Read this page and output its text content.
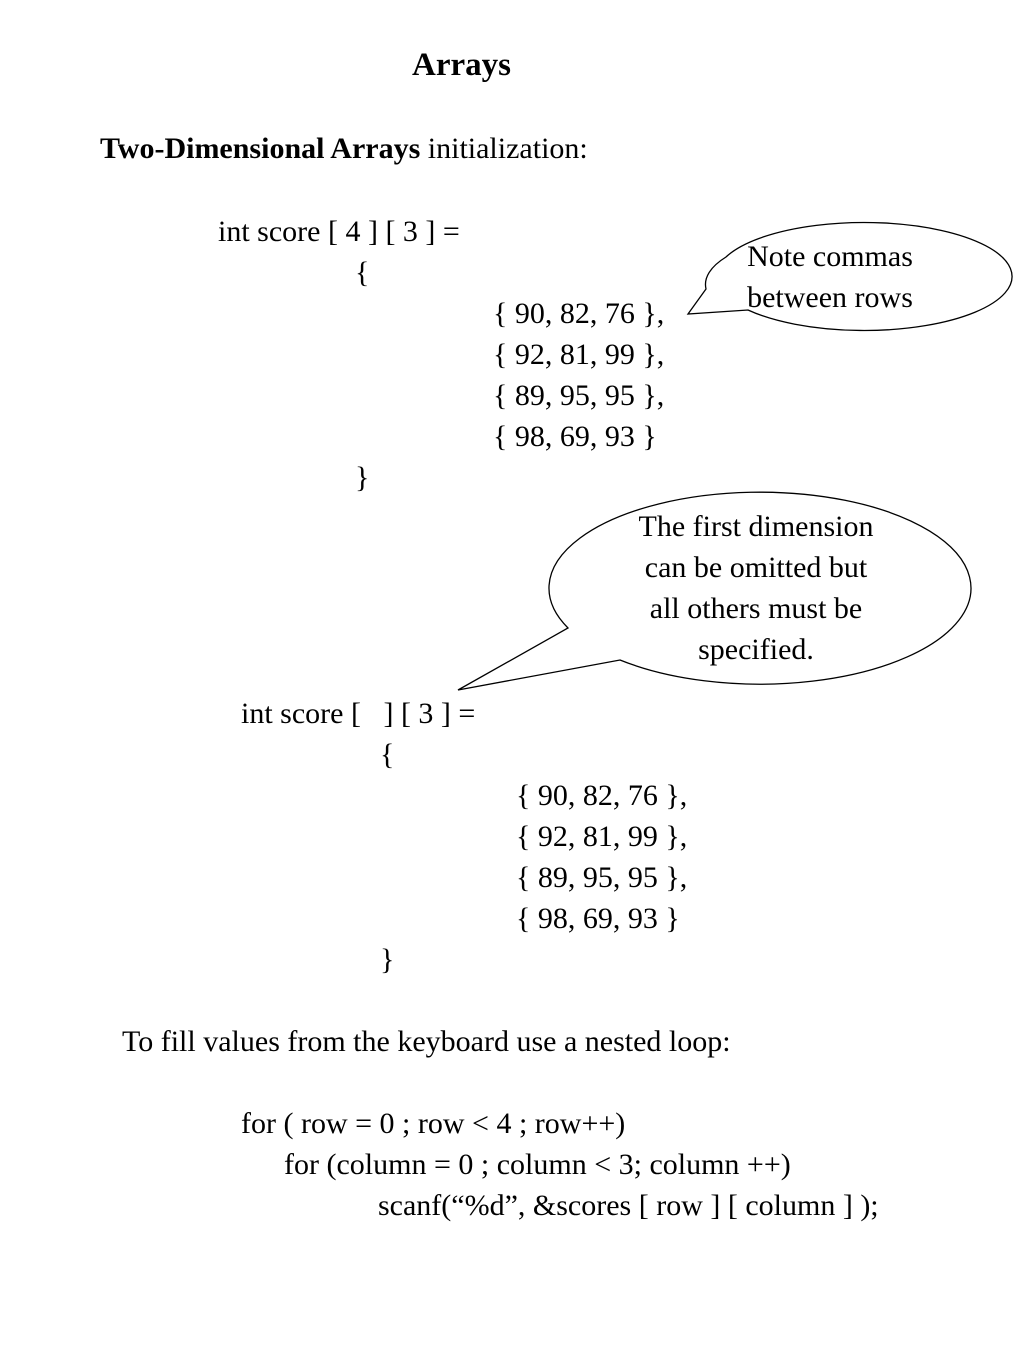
Arrays
Two-Dimensional Arrays initialization:
int score [ 4 ] [ 3 ] =
{
{ 90, 82, 76 },
{ 92, 81, 99 },
{ 89, 95, 95 },
{ 98, 69, 93 }
}
Note commas
between rows
The first dimension
can be omitted but
all others must be
specified.
int score [   ] [ 3 ] =
{
{ 90, 82, 76 },
{ 92, 81, 99 },
{ 89, 95, 95 },
{ 98, 69, 93 }
}
To fill values from the keyboard use a nested loop:
for ( row = 0 ; row < 4 ; row++)
for (column = 0 ; column < 3; column ++)
scanf(“%d”, &scores [ row ] [ column ] );
